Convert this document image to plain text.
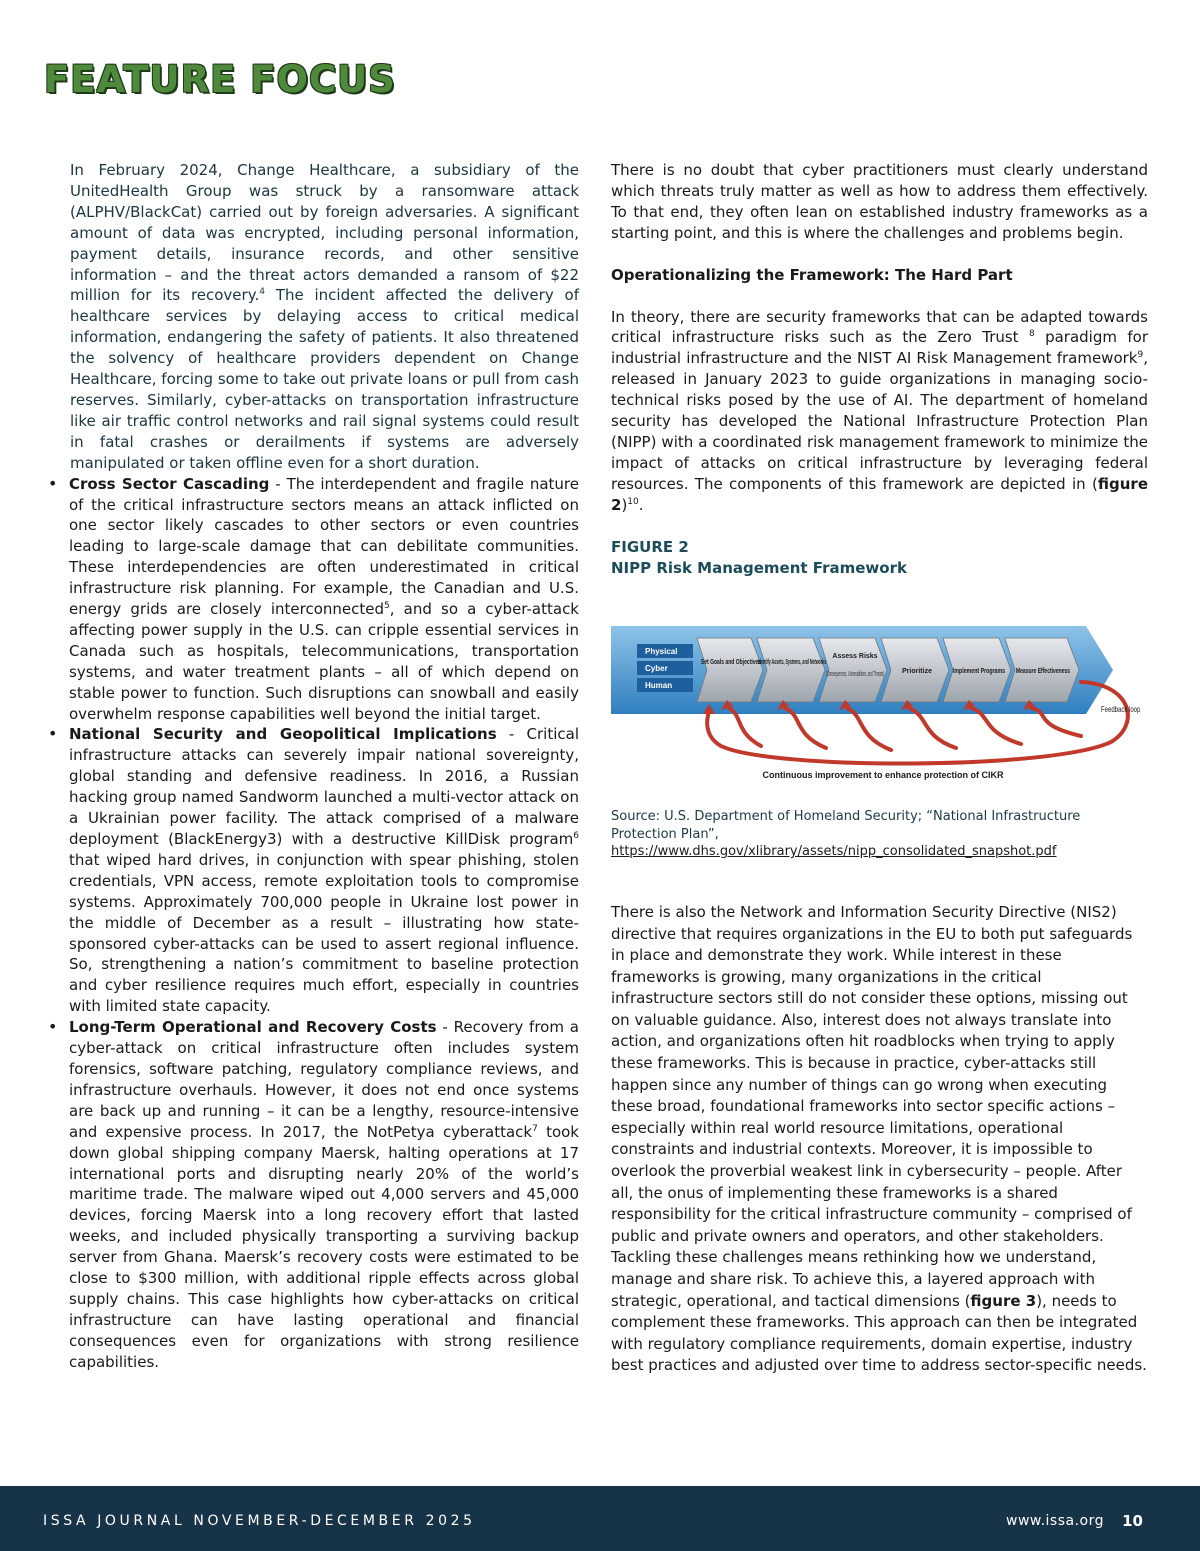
FEATURE FOCUS

In February 2024, Change Healthcare, a subsidiary of the UnitedHealth Group was struck by a ransomware attack (ALPHV/BlackCat) carried out by foreign adversaries. A significant amount of data was encrypted, including personal information, payment details, insurance records, and other sensitive information – and the threat actors demanded a ransom of $22 million for its recovery.$^4$ The incident affected the delivery of healthcare services by delaying access to critical medical information, endangering the safety of patients. It also threatened the solvency of healthcare providers dependent on Change Healthcare, forcing some to take out private loans or pull from cash reserves. Similarly, cyber-attacks on transportation infrastructure like air traffic control networks and rail signal systems could result in fatal crashes or derailments if systems are adversely manipulated or taken offline even for a short duration.

• Cross Sector Cascading - The interdependent and fragile nature of the critical infrastructure sectors means an attack inflicted on one sector likely cascades to other sectors or even countries leading to large-scale damage that can debilitate communities. These interdependencies are often underestimated in critical infrastructure risk planning. For example, the Canadian and U.S. energy grids are closely interconnected$^5$, and so a cyber-attack affecting power supply in the U.S. can cripple essential services in Canada such as hospitals, telecommunications, transportation systems, and water treatment plants – all of which depend on stable power to function. Such disruptions can snowball and easily overwhelm response capabilities well beyond the initial target.
• National Security and Geopolitical Implications - Critical infrastructure attacks can severely impair national sovereignty, global standing and defensive readiness. In 2016, a Russian hacking group named Sandworm launched a multi-vector attack on a Ukrainian power facility. The attack comprised of a malware deployment (BlackEnergy3) with a destructive KillDisk program$^6$ that wiped hard drives, in conjunction with spear phishing, stolen credentials, VPN access, remote exploitation tools to compromise systems. Approximately 700,000 people in Ukraine lost power in the middle of December as a result – illustrating how state-sponsored cyber-attacks can be used to assert regional influence. So, strengthening a nation’s commitment to baseline protection and cyber resilience requires much effort, especially in countries with limited state capacity.
• Long-Term Operational and Recovery Costs - Recovery from a cyber-attack on critical infrastructure often includes system forensics, software patching, regulatory compliance reviews, and infrastructure overhauls. However, it does not end once systems are back up and running – it can be a lengthy, resource-intensive and expensive process. In 2017, the NotPetya cyberattack$^7$ took down global shipping company Maersk, halting operations at 17 international ports and disrupting nearly 20% of the world’s maritime trade. The malware wiped out 4,000 servers and 45,000 devices, forcing Maersk into a long recovery effort that lasted weeks, and included physically transporting a surviving backup server from Ghana. Maersk’s recovery costs were estimated to be close to $300 million, with additional ripple effects across global supply chains. This case highlights how cyber-attacks on critical infrastructure can have lasting operational and financial consequences even for organizations with strong resilience capabilities.

There is no doubt that cyber practitioners must clearly understand which threats truly matter as well as how to address them effectively. To that end, they often lean on established industry frameworks as a starting point, and this is where the challenges and problems begin.

Operationalizing the Framework: The Hard Part

In theory, there are security frameworks that can be adapted towards critical infrastructure risks such as the Zero Trust $^8$ paradigm for industrial infrastructure and the NIST AI Risk Management framework$^9$, released in January 2023 to guide organizations in managing socio-technical risks posed by the use of AI. The department of homeland security has developed the National Infrastructure Protection Plan (NIPP) with a coordinated risk management framework to minimize the impact of attacks on critical infrastructure by leveraging federal resources. The components of this framework are depicted in (figure 2)$^{10}$.

FIGURE 2

NIPP Risk Management Framework

Physical
Cyber
Human
Set Goals and Objectives
Identify Assets, Systems, and Networks
Assess Risks
Prioritize	Implement Programs Measure Effectiveness
(Consequences, Vulnerabilities, and Threats)
Feedback loop
Continuous improvement to enhance protection of CIKR

Source: U.S. Department of Homeland Security; “National Infrastructure Protection Plan”,
https://www.dhs.gov/xlibrary/assets/nipp_consolidated_snapshot.pdf

There is also the Network and Information Security Directive (NIS2) directive that requires organizations in the EU to both put safeguards in place and demonstrate they work. While interest in these frameworks is growing, many organizations in the critical infrastructure sectors still do not consider these options, missing out on valuable guidance. Also, interest does not always translate into action, and organizations often hit roadblocks when trying to apply these frameworks. This is because in practice, cyber-attacks still happen since any number of things can go wrong when executing these broad, foundational frameworks into sector specific actions – especially within real world resource limitations, operational constraints and industrial contexts. Moreover, it is impossible to overlook the proverbial weakest link in cybersecurity – people. After all, the onus of implementing these frameworks is a shared responsibility for the critical infrastructure community – comprised of public and private owners and operators, and other stakeholders. Tackling these challenges means rethinking how we understand, manage and share risk. To achieve this, a layered approach with strategic, operational, and tactical dimensions (figure 3), needs to complement these frameworks. This approach can then be integrated with regulatory compliance requirements, domain expertise, industry best practices and adjusted over time to address sector-specific needs.

ISSA JOURNAL NOVEMBER-DECEMBER 2025	www.issa.org 10
